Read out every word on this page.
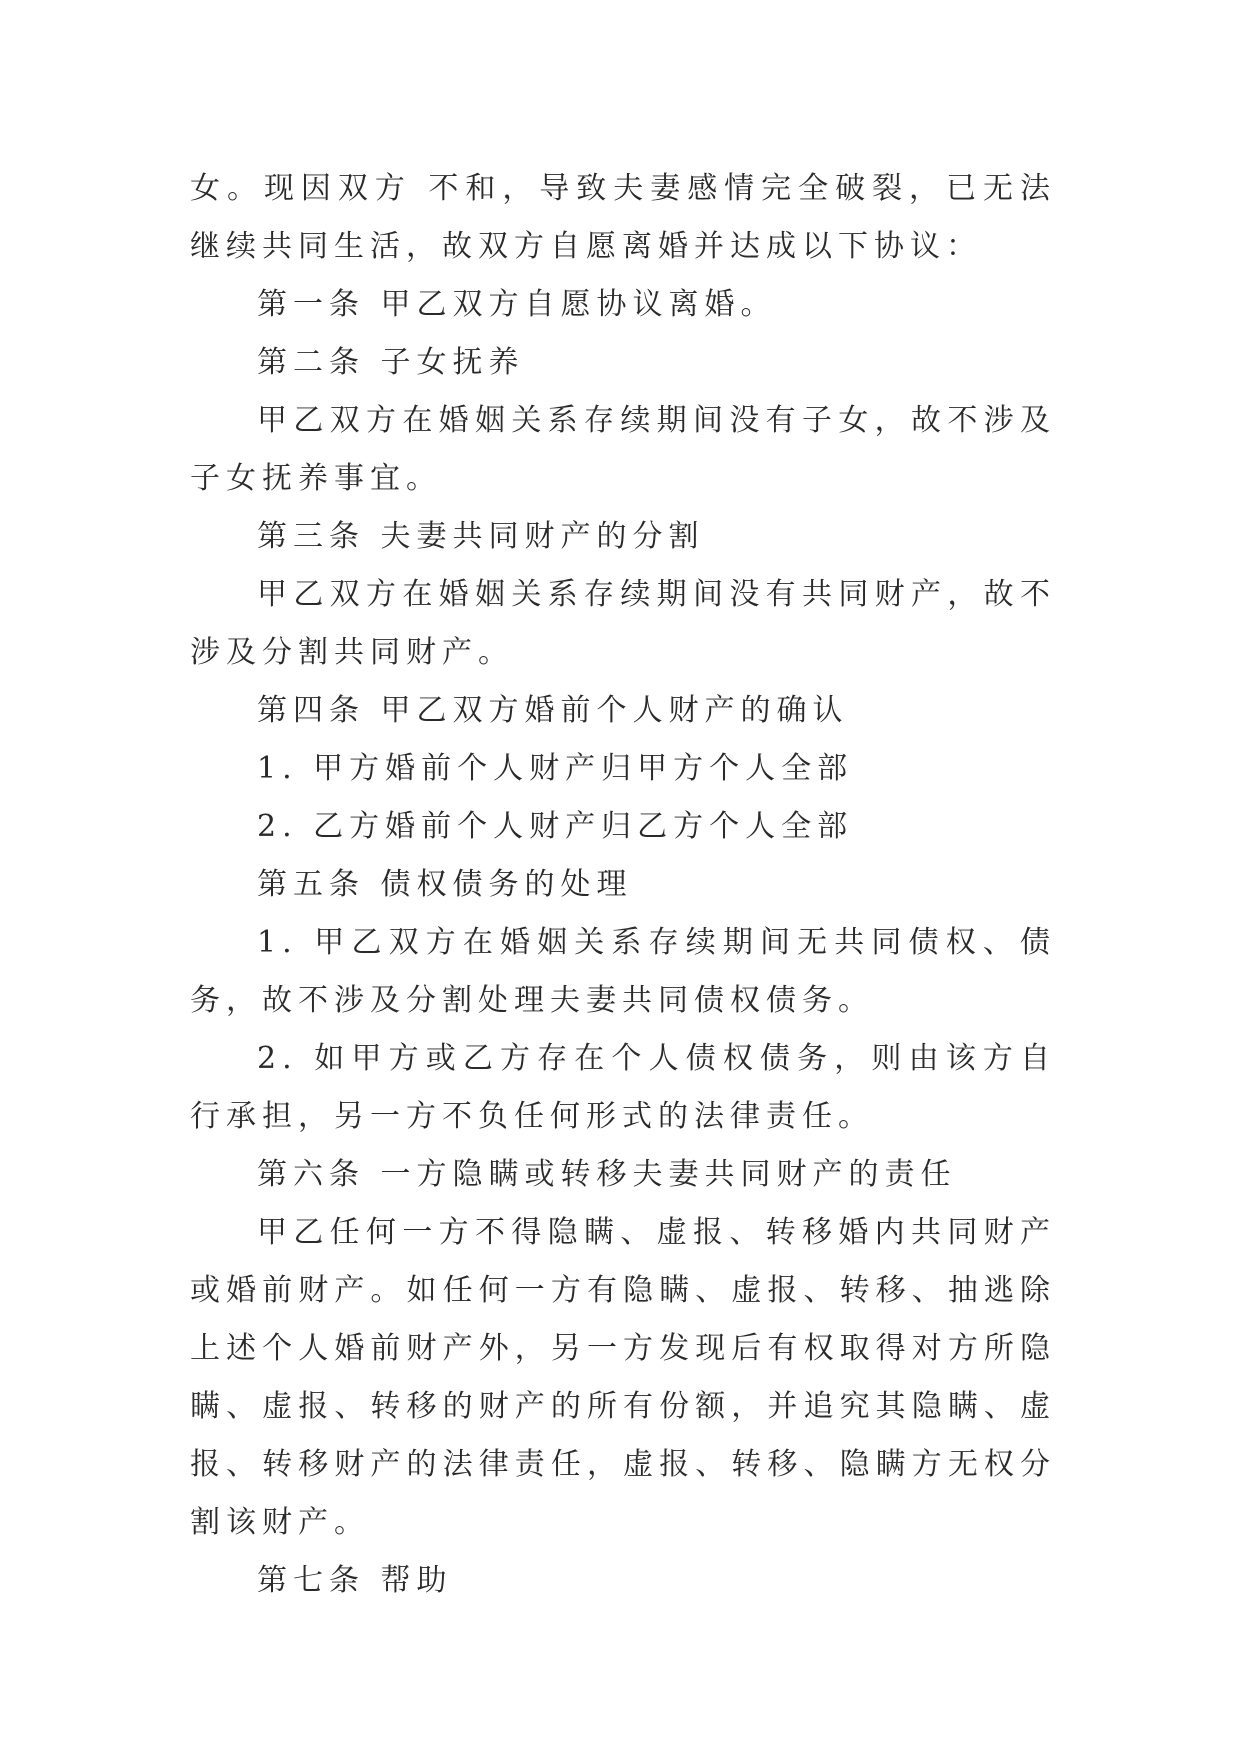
女。现因双方 不和，导致夫妻感情完全破裂，已无法继续共同生活，故双方自愿离婚并达成以下协议：

第一条 甲乙双方自愿协议离婚。

第二条 子女抚养

甲乙双方在婚姻关系存续期间没有子女，故不涉及子女抚养事宜。

第三条 夫妻共同财产的分割

甲乙双方在婚姻关系存续期间没有共同财产，故不涉及分割共同财产。

第四条 甲乙双方婚前个人财产的确认

1. 甲方婚前个人财产归甲方个人全部

2. 乙方婚前个人财产归乙方个人全部

第五条 债权债务的处理

1. 甲乙双方在婚姻关系存续期间无共同债权、债务，故不涉及分割处理夫妻共同债权债务。

2. 如甲方或乙方存在个人债权债务，则由该方自行承担，另一方不负任何形式的法律责任。

第六条 一方隐瞒或转移夫妻共同财产的责任

甲乙任何一方不得隐瞒、虚报、转移婚内共同财产或婚前财产。如任何一方有隐瞒、虚报、转移、抽逃除上述个人婚前财产外，另一方发现后有权取得对方所隐瞒、虚报、转移的财产的所有份额，并追究其隐瞒、虚报、转移财产的法律责任，虚报、转移、隐瞒方无权分割该财产。

第七条 帮助
